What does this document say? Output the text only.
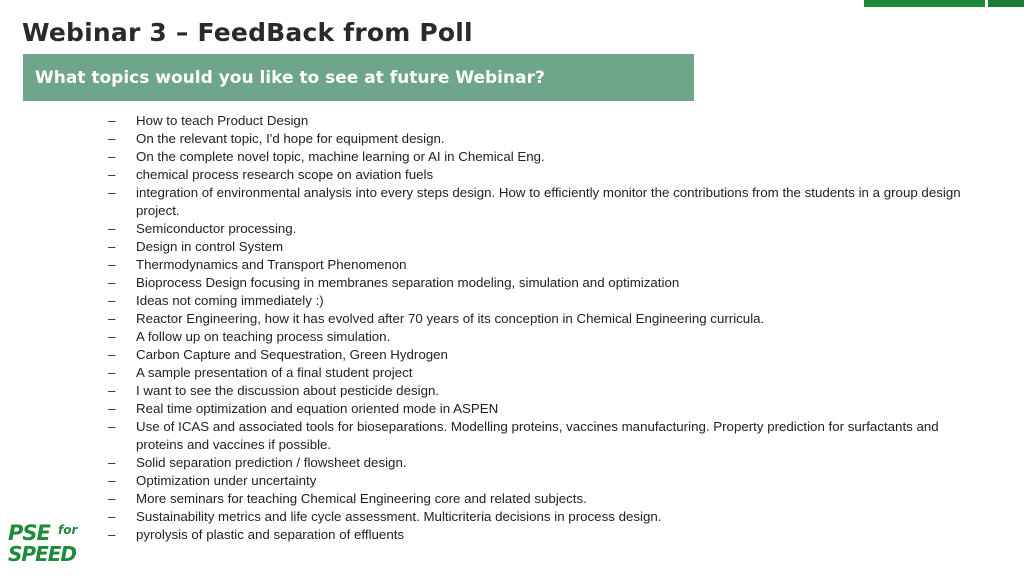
Webinar 3 – FeedBack from Poll
What topics would you like to see at future Webinar?
– How to teach Product Design
– On the relevant topic, I'd hope for equipment design.
– On the complete novel topic, machine learning or AI in Chemical Eng.
– chemical process research scope on aviation fuels
– integration of environmental analysis into every steps design. How to efficiently monitor the contributions from the students in a group design project.
– Semiconductor processing.
– Design in control System
– Thermodynamics and Transport Phenomenon
– Bioprocess Design focusing in membranes separation modeling, simulation and optimization
– Ideas not coming immediately :)
– Reactor Engineering, how it has evolved after 70 years of its conception in Chemical Engineering curricula.
– A follow up on teaching process simulation.
– Carbon Capture and Sequestration, Green Hydrogen
– A sample presentation of a final student project
– I want to see the discussion about pesticide design.
– Real time optimization and equation oriented mode in ASPEN
– Use of ICAS and associated tools for bioseparations. Modelling proteins, vaccines manufacturing. Property prediction for surfactants and proteins and vaccines if possible.
– Solid separation prediction / flowsheet design.
– Optimization under uncertainty
– More seminars for teaching Chemical Engineering core and related subjects.
– Sustainability metrics and life cycle assessment. Multicriteria decisions in process design.
– pyrolysis of plastic and separation of effluents
PSE for
SPEED
